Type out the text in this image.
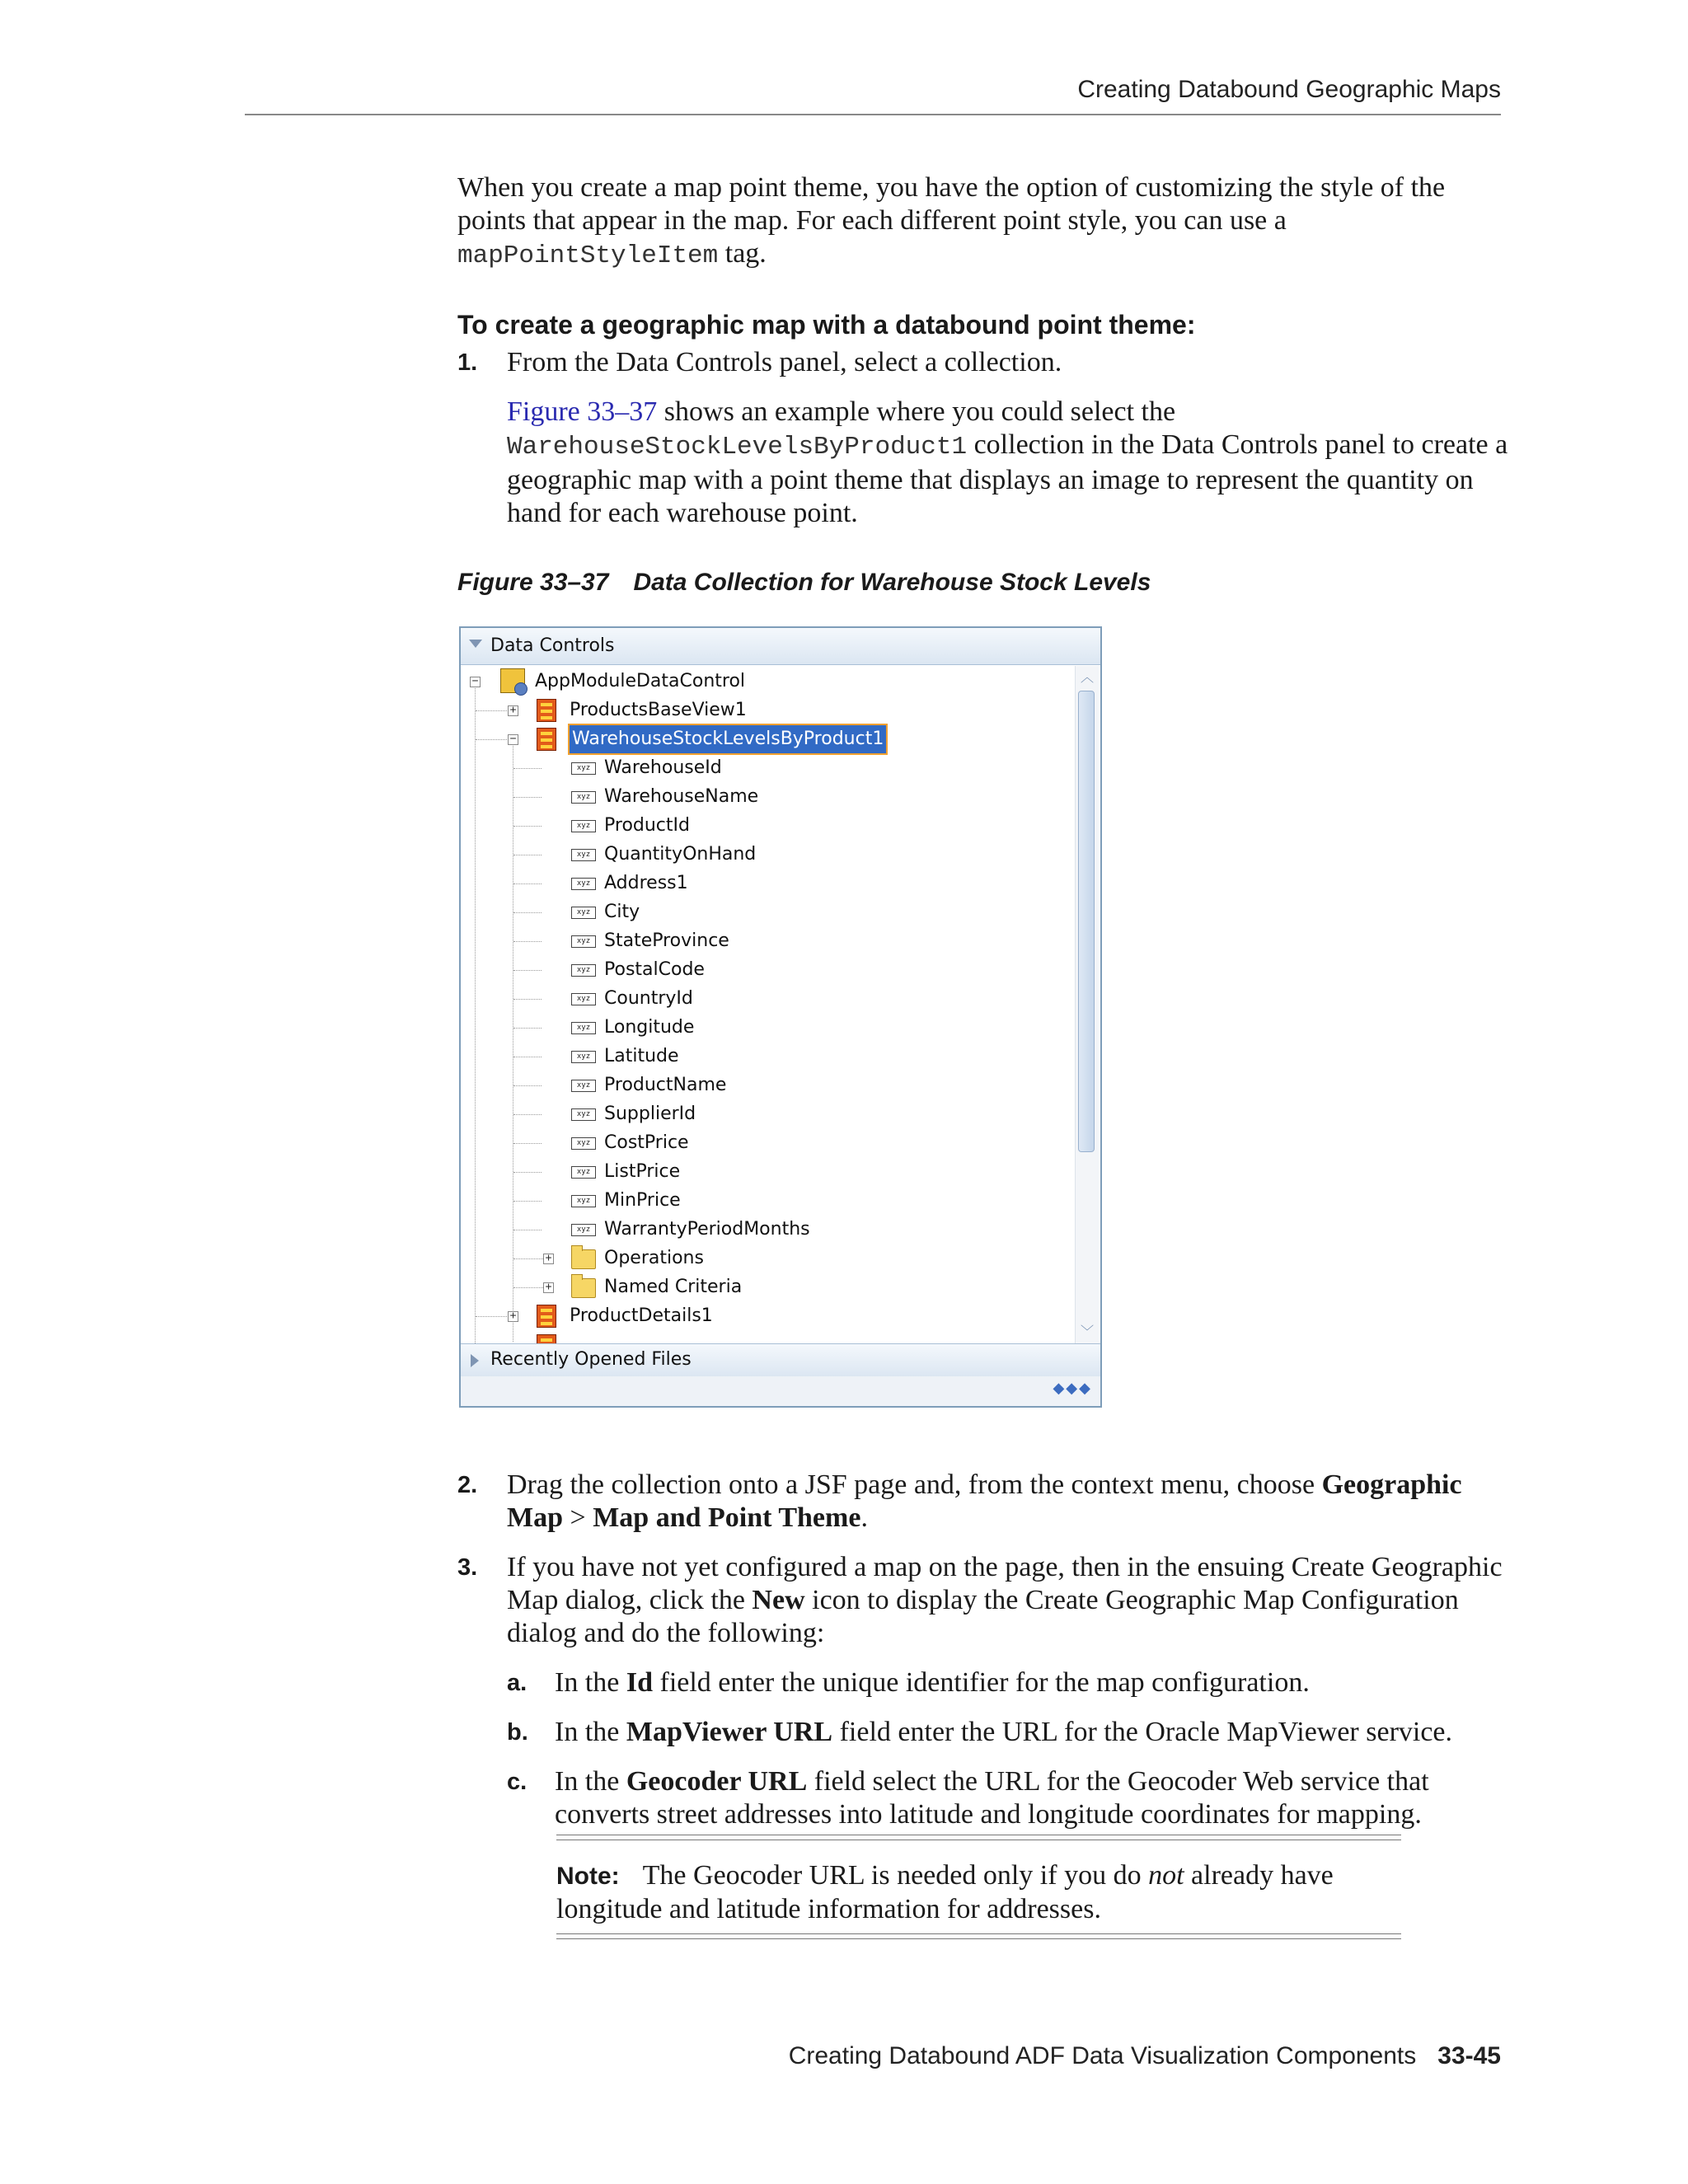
Creating Databound Geographic Maps
When you create a map point theme, you have the option of customizing the style of the points that appear in the map. For each different point style, you can use a mapPointStyleItem tag.
To create a geographic map with a databound point theme:
1. From the Data Controls panel, select a collection.
Figure 33–37 shows an example where you could select the WarehouseStockLevelsByProduct1 collection in the Data Controls panel to create a geographic map with a point theme that displays an image to represent the quantity on hand for each warehouse point.
Figure 33–37 Data Collection for Warehouse Stock Levels
Data Controls
−	AppModuleDataControl
+	ProductsBaseView1
−	WarehouseStockLevelsByProduct1
xyz WarehouseId
xyz WarehouseName
xyz ProductId
xyz QuantityOnHand
xyz Address1
xyz City
xyz StateProvince
xyz PostalCode
xyz CountryId
xyz Longitude
xyz Latitude
xyz ProductName
xyz SupplierId
xyz CostPrice
xyz ListPrice
xyz MinPrice
xyz WarrantyPeriodMonths
+	Operations
+	Named Criteria
+	ProductDetails1
︿
﹀
Recently Opened Files
◆◆◆
2. Drag the collection onto a JSF page and, from the context menu, choose Geographic Map > Map and Point Theme.
3. If you have not yet configured a map on the page, then in the ensuing Create Geographic Map dialog, click the New icon to display the Create Geographic Map Configuration dialog and do the following:
a. In the Id field enter the unique identifier for the map configuration.
b. In the MapViewer URL field enter the URL for the Oracle MapViewer service.
c. In the Geocoder URL field select the URL for the Geocoder Web service that converts street addresses into latitude and longitude coordinates for mapping.
Note: The Geocoder URL is needed only if you do not already have longitude and latitude information for addresses.
Creating Databound ADF Data Visualization Components 33-45
